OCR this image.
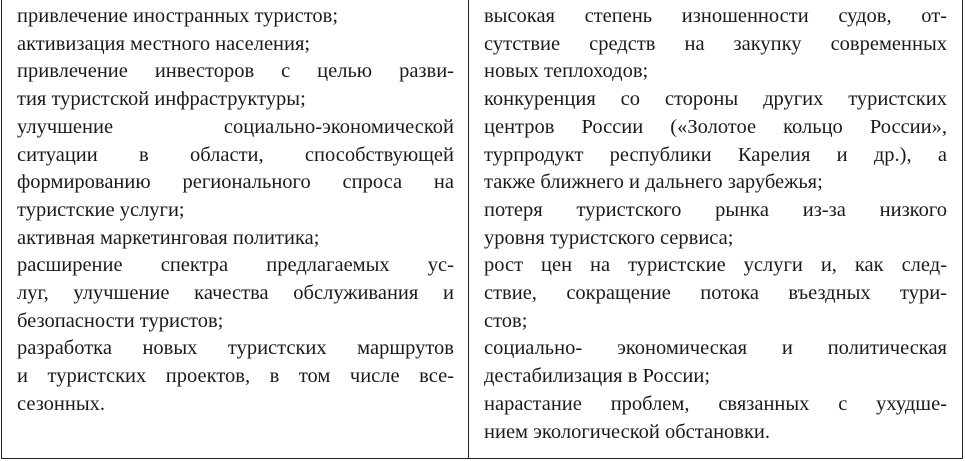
привлечение иностранных туристов;
активизация местного населения;
привлечение инвесторов с целью разви-
тия туристской инфраструктуры;
улучшение социально-экономической
ситуации в области, способствующей
формированию регионального спроса на
туристские услуги;
активная маркетинговая политика;
расширение спектра предлагаемых ус-
луг, улучшение качества обслуживания и
безопасности туристов;
разработка новых туристских маршрутов
и туристских проектов, в том числе все-
сезонных.
высокая степень изношенности судов, от-
сутствие средств на закупку современных
новых теплоходов;
конкуренция со стороны других туристских
центров России («Золотое кольцо России»,
турпродукт республики Карелия и др.), а
также ближнего и дальнего зарубежья;
потеря туристского рынка из-за низкого
уровня туристского сервиса;
рост цен на туристские услуги и, как след-
ствие, сокращение потока въездных тури-
стов;
социально- экономическая и политическая
дестабилизация в России;
нарастание проблем, связанных с ухудше-
нием экологической обстановки.
